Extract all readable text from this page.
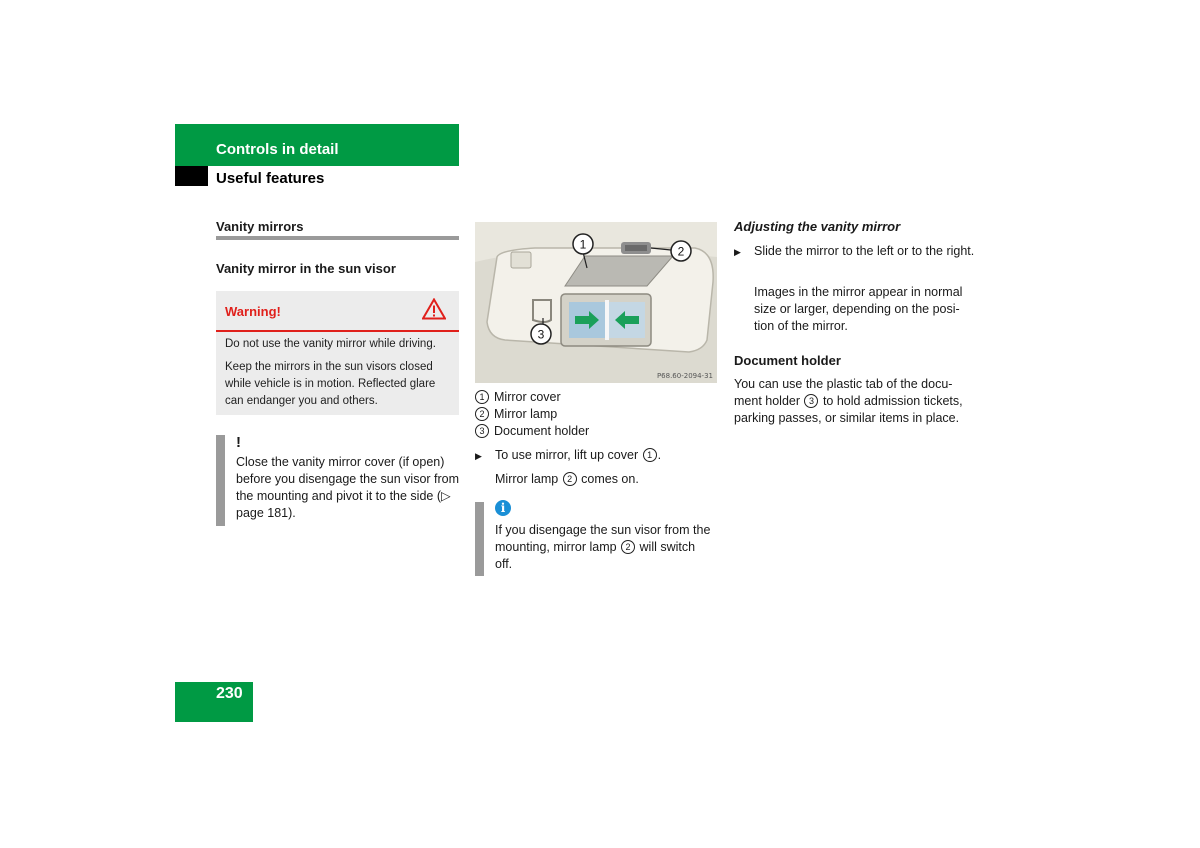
Controls in detail
Useful features
Vanity mirrors
Vanity mirror in the sun visor
Warning!
Do not use the vanity mirror while driving.
Keep the mirrors in the sun visors closed while vehicle is in motion. Reflected glare can endanger you and others.
!
Close the vanity mirror cover (if open) before you disengage the sun visor from the mounting and pivot it to the side (▷ page 181).
1	2
3
P68.60-2094-31
1 Mirror cover
2 Mirror lamp
3 Document holder
▶ To use mirror, lift up cover 1 .
Mirror lamp 2 comes on.
i
If you disengage the sun visor from the
mounting, mirror lamp 2 will switch
off.
Adjusting the vanity mirror
▶ Slide the mirror to the left or to the right.
Images in the mirror appear in normal size or larger, depending on the posi-tion of the mirror.
Document holder
You can use the plastic tab of the docu-ment holder 3 to hold admission tickets, parking passes, or similar items in place.
230
